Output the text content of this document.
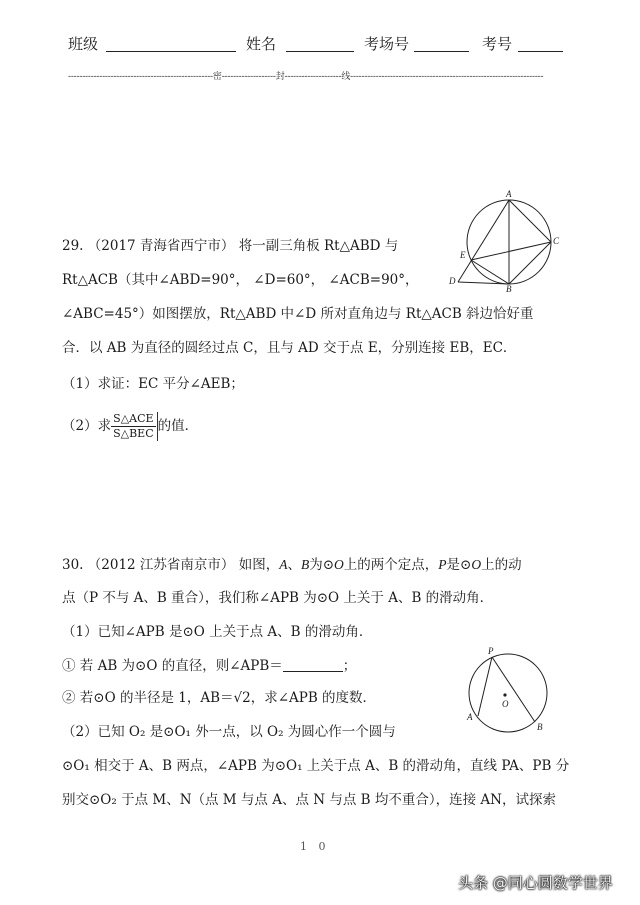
班级	姓名	考场号	考号
---------------------------------------------------密-------------------封--------------------线--------------------------------------------------------------------
29. （2017 青海省西宁市） 将一副三角板 Rt△ABD 与
Rt△ACB（其中∠ABD=90°， ∠D=60°， ∠ACB=90°，
∠ABC=45°）如图摆放，Rt△ABD 中∠D 所对直角边与 Rt△ACB 斜边恰好重
合．以 AB 为直径的圆经过点 C，且与 AD 交于点 E，分别连接 EB，EC．
（1）求证：EC 平分∠AEB；
（2）求 $\frac{\text{S△ACE}}{\text{S△BEC}}$ 的值．
A
C
E
D
B
30. （2012 江苏省南京市） 如图，A、B为⊙O上的两个定点，P是⊙O上的动
点（P 不与 A、B 重合），我们称∠APB 为⊙O 上关于 A、B 的滑动角．
（1）已知∠APB 是⊙O 上关于点 A、B 的滑动角．
① 若 AB 为⊙O 的直径，则∠APB＝	；
② 若⊙O 的半径是 1，AB＝√2，求∠APB 的度数．
（2）已知 O₂ 是⊙O₁ 外一点，以 O₂ 为圆心作一个圆与
⊙O₁ 相交于 A、B 两点，∠APB 为⊙O₁ 上关于点 A、B 的滑动角，直线 PA、PB 分
别交⊙O₂ 于点 M、N（点 M 与点 A、点 N 与点 B 均不重合），连接 AN，试探索
P
O
A
B
1 0
头条 @同心圆数学世界
